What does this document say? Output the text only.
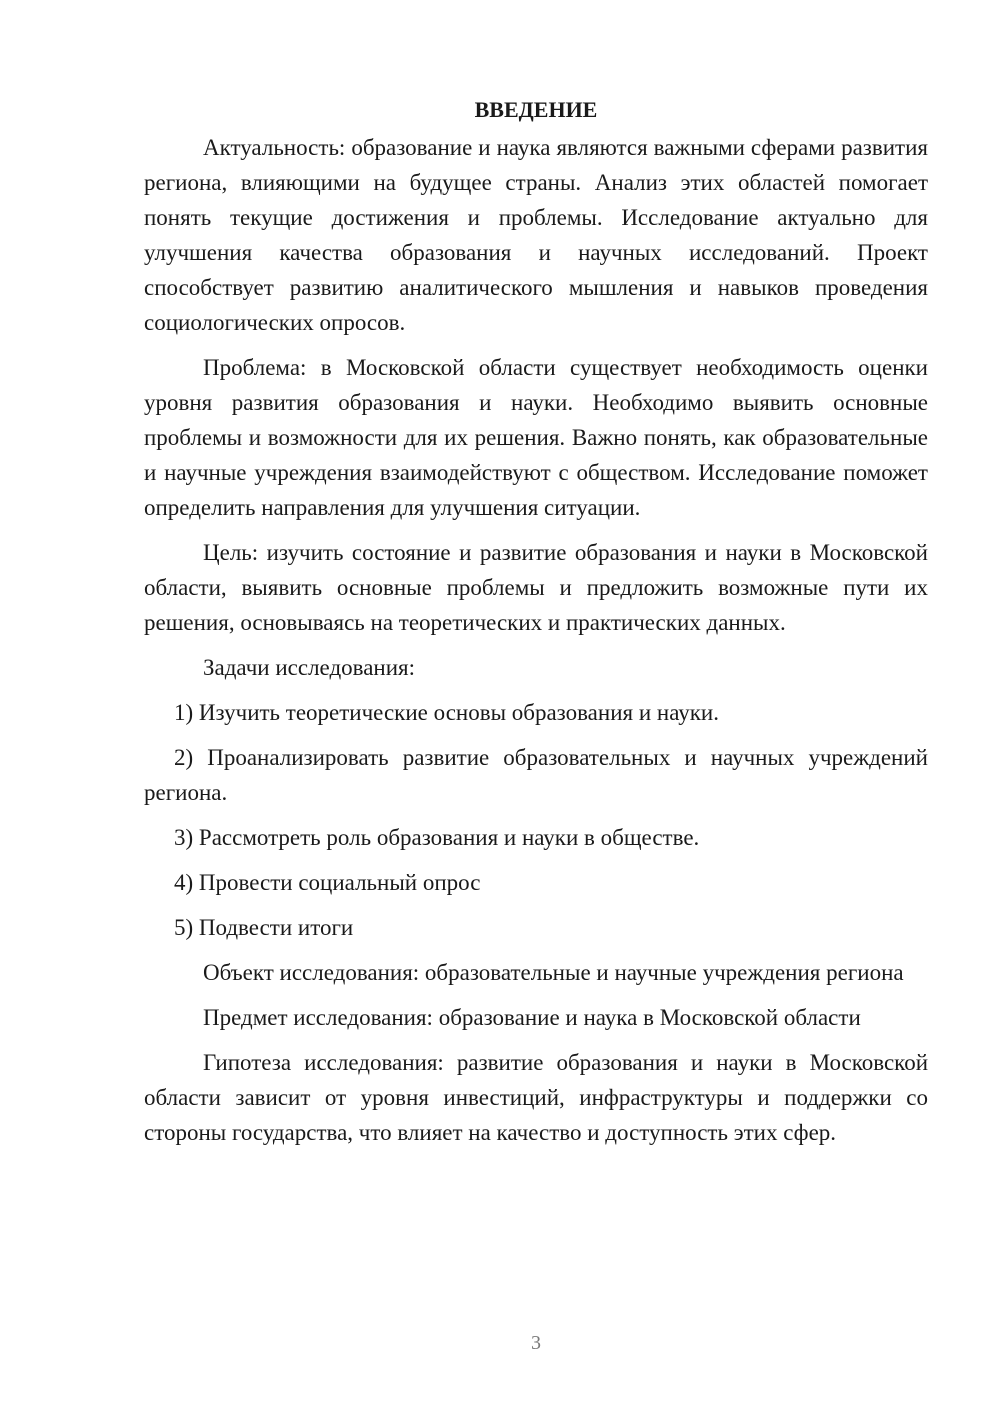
ВВЕДЕНИЕ

Актуальность: образование и наука являются важными сферами развития региона, влияющими на будущее страны. Анализ этих областей помогает понять текущие достижения и проблемы. Исследование актуально для улучшения качества образования и научных исследований. Проект способствует развитию аналитического мышления и навыков проведения социологических опросов.

Проблема: в Московской области существует необходимость оценки уровня развития образования и науки. Необходимо выявить основные проблемы и возможности для их решения. Важно понять, как образовательные и научные учреждения взаимодействуют с обществом. Исследование поможет определить направления для улучшения ситуации.

Цель: изучить состояние и развитие образования и науки в Московской области, выявить основные проблемы и предложить возможные пути их решения, основываясь на теоретических и практических данных.

Задачи исследования:

1) Изучить теоретические основы образования и науки.

2) Проанализировать развитие образовательных и научных учреждений региона.

3) Рассмотреть роль образования и науки в обществе.

4) Провести социальный опрос

5) Подвести итоги

Объект исследования: образовательные и научные учреждения региона

Предмет исследования: образование и наука в Московской области

Гипотеза исследования: развитие образования и науки в Московской области зависит от уровня инвестиций, инфраструктуры и поддержки со стороны государства, что влияет на качество и доступность этих сфер.

3
